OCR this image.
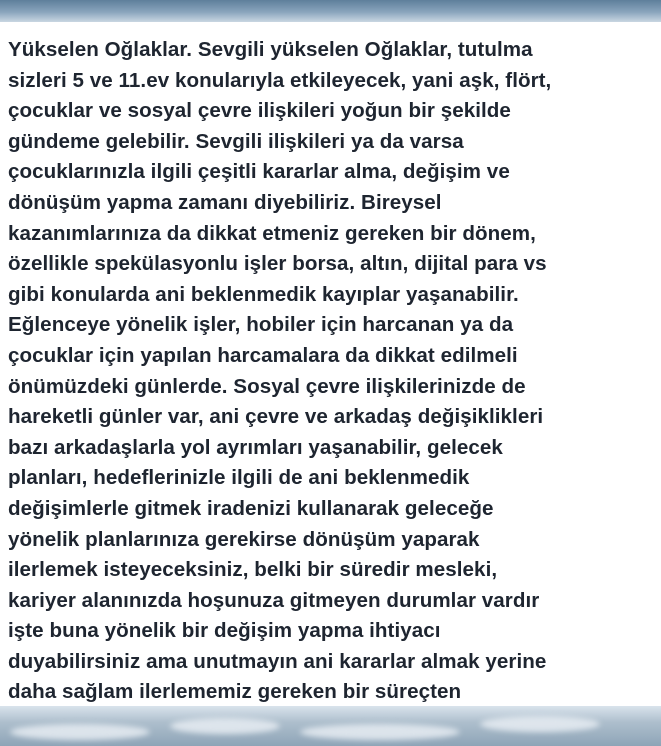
Yükselen Oğlaklar. Sevgili yükselen Oğlaklar, tutulma
sizleri 5 ve 11.ev konularıyla etkileyecek, yani aşk, flört,
çocuklar ve sosyal çevre ilişkileri yoğun bir şekilde
gündeme gelebilir. Sevgili ilişkileri ya da varsa
çocuklarınızla ilgili çeşitli kararlar alma, değişim ve
dönüşüm yapma zamanı diyebiliriz. Bireysel
kazanımlarınıza da dikkat etmeniz gereken bir dönem,
özellikle spekülasyonlu işler borsa, altın, dijital para vs
gibi konularda ani beklenmedik kayıplar yaşanabilir.
Eğlenceye yönelik işler, hobiler için harcanan ya da
çocuklar için yapılan harcamalara da dikkat edilmeli
önümüzdeki günlerde. Sosyal çevre ilişkilerinizde de
hareketli günler var, ani çevre ve arkadaş değişiklikleri
bazı arkadaşlarla yol ayrımları yaşanabilir, gelecek
planları, hedeflerinizle ilgili de ani beklenmedik
değişimlerle gitmek iradenizi kullanarak geleceğe
yönelik planlarınıza gerekirse dönüşüm yaparak
ilerlemek isteyeceksiniz, belki bir süredir mesleki,
kariyer alanınızda hoşunuza gitmeyen durumlar vardır
işte buna yönelik bir değişim yapma ihtiyacı
duyabilirsiniz ama unutmayın ani kararlar almak yerine
daha sağlam ilerlememiz gereken bir süreçten
